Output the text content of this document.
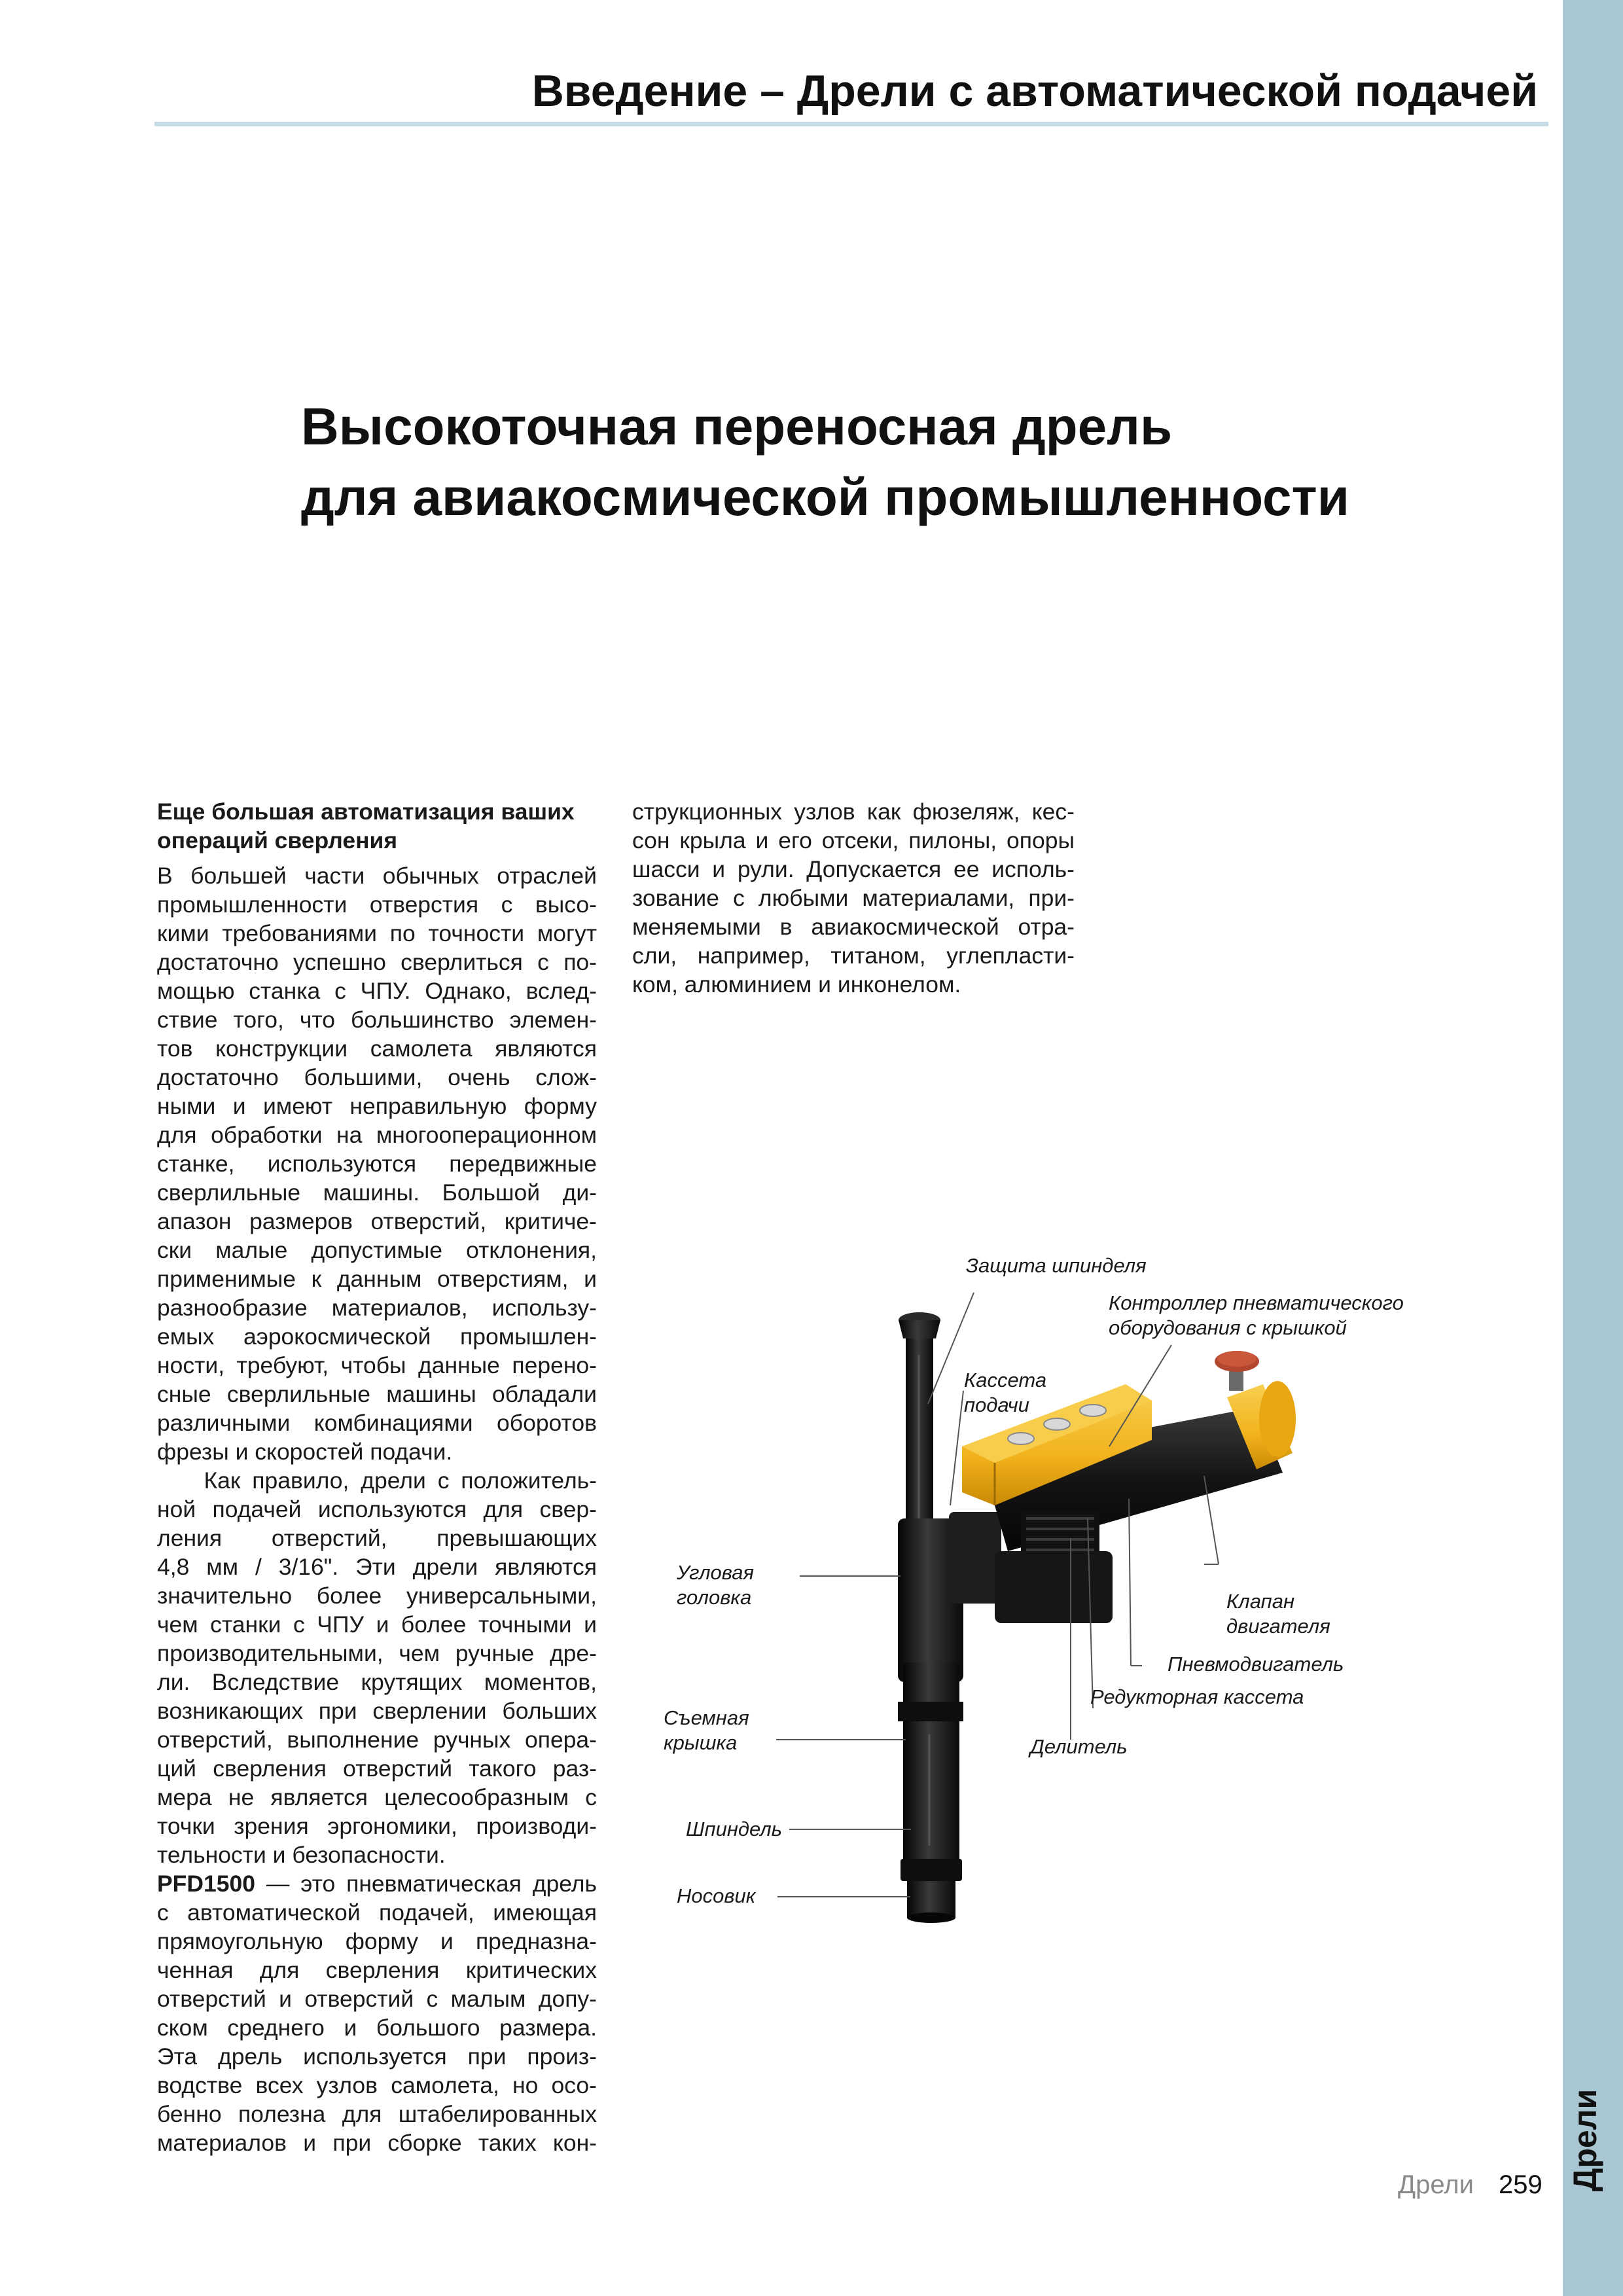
Дрели
Введение – Дрели с автоматической подачей
Высокоточная переносная дрель
для авиакосмической промышленности
Еще большая автоматизация ваших
операций сверления
В большей части обычных отраслей
промышленности отверстия с высо-
кими требованиями по точности могут
достаточно успешно сверлиться с по-
мощью станка с ЧПУ. Однако, вслед-
ствие того, что большинство элемен-
тов конструкции самолета являются
достаточно большими, очень слож-
ными и имеют неправильную форму
для обработки на многооперационном
станке, используются передвижные
сверлильные машины. Большой ди-
апазон размеров отверстий, критиче-
ски малые допустимые отклонения,
применимые к данным отверстиям, и
разнообразие материалов, использу-
емых аэрокосмической промышлен-
ности, требуют, чтобы данные перено-
сные сверлильные машины обладали
различными комбинациями оборотов
фрезы и скоростей подачи.
Как правило, дрели с положитель-
ной подачей используются для свер-
ления отверстий, превышающих
4,8 мм / 3/16". Эти дрели являются
значительно более универсальными,
чем станки с ЧПУ и более точными и
производительными, чем ручные дре-
ли. Вследствие крутящих моментов,
возникающих при сверлении больших
отверстий, выполнение ручных опера-
ций сверления отверстий такого раз-
мера не является целесообразным с
точки зрения эргономики, производи-
тельности и безопасности.
PFD1500 — это пневматическая дрель
с автоматической подачей, имеющая
прямоугольную форму и предназна-
ченная для сверления критических
отверстий и отверстий с малым допу-
ском среднего и большого размера.
Эта дрель используется при произ-
водстве всех узлов самолета, но осо-
бенно полезна для штабелированных
материалов и при сборке таких кон-
струкционных узлов как фюзеляж, кес-
сон крыла и его отсеки, пилоны, опоры
шасси и рули. Допускается ее исполь-
зование с любыми материалами, при-
меняемыми в авиакосмической отра-
сли, например, титаном, углепласти-
ком, алюминием и инконелом.
Защита шпинделя
Контроллер пневматического
оборудования с крышкой
Кассета
подачи
Угловая
головка	Клапан
двигателя
Пневмодвигатель
Редукторная кассета
Делитель
Съемная
крышка
Шпиндель
Носовик
Дрели 259
